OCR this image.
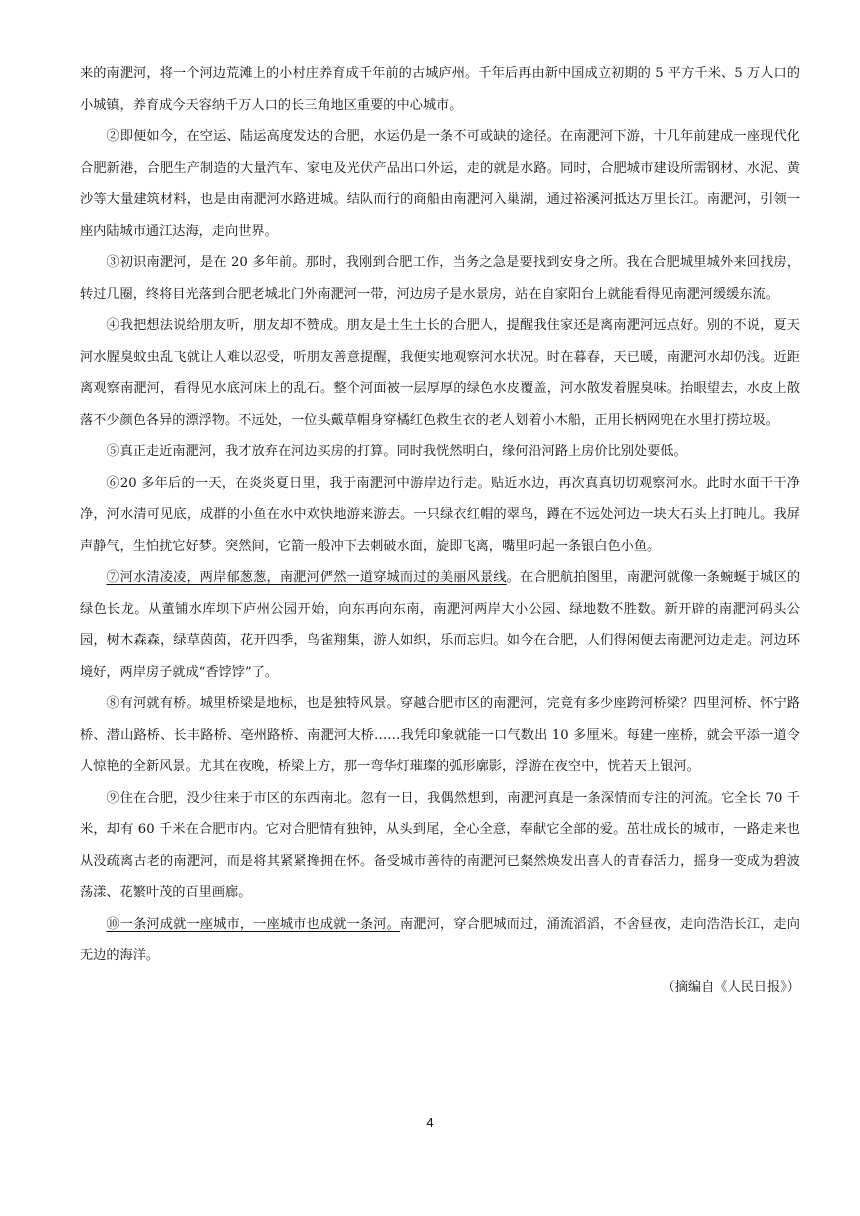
来的南淝河，将一个河边荒滩上的小村庄养育成千年前的古城庐州。千年后再由新中国成立初期的 5 平方千米、5 万人口的小城镇，养育成今天容纳千万人口的长三角地区重要的中心城市。

②即便如今，在空运、陆运高度发达的合肥，水运仍是一条不可或缺的途径。在南淝河下游，十几年前建成一座现代化合肥新港，合肥生产制造的大量汽车、家电及光伏产品出口外运，走的就是水路。同时，合肥城市建设所需钢材、水泥、黄沙等大量建筑材料，也是由南淝河水路进城。结队而行的商船由南淝河入巢湖，通过裕溪河抵达万里长江。南淝河，引领一座内陆城市通江达海，走向世界。

③初识南淝河，是在 20 多年前。那时，我刚到合肥工作，当务之急是要找到安身之所。我在合肥城里城外来回找房，转过几圈，终将目光落到合肥老城北门外南淝河一带，河边房子是水景房，站在自家阳台上就能看得见南淝河缓缓东流。

④我把想法说给朋友听，朋友却不赞成。朋友是土生土长的合肥人，提醒我住家还是离南淝河远点好。别的不说，夏天河水腥臭蚊虫乱飞就让人难以忍受，听朋友善意提醒，我便实地观察河水状况。时在暮春，天已暖，南淝河水却仍浅。近距离观察南淝河，看得见水底河床上的乱石。整个河面被一层厚厚的绿色水皮覆盖，河水散发着腥臭味。抬眼望去，水皮上散落不少颜色各异的漂浮物。不远处，一位头戴草帽身穿橘红色救生衣的老人划着小木船，正用长柄网兜在水里打捞垃圾。

⑤真正走近南淝河，我才放弃在河边买房的打算。同时我恍然明白，缘何沿河路上房价比别处要低。

⑥20 多年后的一天，在炎炎夏日里，我于南淝河中游岸边行走。贴近水边，再次真真切切观察河水。此时水面干干净净，河水清可见底，成群的小鱼在水中欢快地游来游去。一只绿衣红帽的翠鸟，蹲在不远处河边一块大石头上打盹儿。我屏声静气，生怕扰它好梦。突然间，它箭一般冲下去刺破水面，旋即飞离，嘴里叼起一条银白色小鱼。

⑦河水清凌凌，两岸郁葱葱，南淝河俨然一道穿城而过的美丽风景线。在合肥航拍图里，南淝河就像一条蜿蜒于城区的绿色长龙。从董铺水库坝下庐州公园开始，向东再向东南，南淝河两岸大小公园、绿地数不胜数。新开辟的南淝河码头公园，树木森森，绿草茵茵，花开四季，鸟雀翔集，游人如织，乐而忘归。如今在合肥，人们得闲便去南淝河边走走。河边环境好，两岸房子就成“香饽饽”了。

⑧有河就有桥。城里桥梁是地标，也是独特风景。穿越合肥市区的南淝河，完竟有多少座跨河桥梁？四里河桥、怀宁路桥、潜山路桥、长丰路桥、亳州路桥、南淝河大桥……我凭印象就能一口气数出 10 多厘米。每建一座桥，就会平添一道令人惊艳的全新风景。尤其在夜晚，桥梁上方，那一弯华灯璀璨的弧形廓影，浮游在夜空中，恍若天上银河。

⑨住在合肥，没少往来于市区的东西南北。忽有一日，我偶然想到，南淝河真是一条深情而专注的河流。它全长 70 千米，却有 60 千米在合肥市内。它对合肥情有独钟，从头到尾，全心全意，奉献它全部的爱。茁壮成长的城市，一路走来也从没疏离古老的南淝河，而是将其紧紧搀拥在怀。备受城市善待的南淝河已粲然焕发出喜人的青春活力，摇身一变成为碧波荡漾、花繁叶茂的百里画廊。

⑩一条河成就一座城市，一座城市也成就一条河。南淝河，穿合肥城而过，涌流滔滔，不舍昼夜，走向浩浩长江，走向无边的海洋。

（摘编自《人民日报》）

4
